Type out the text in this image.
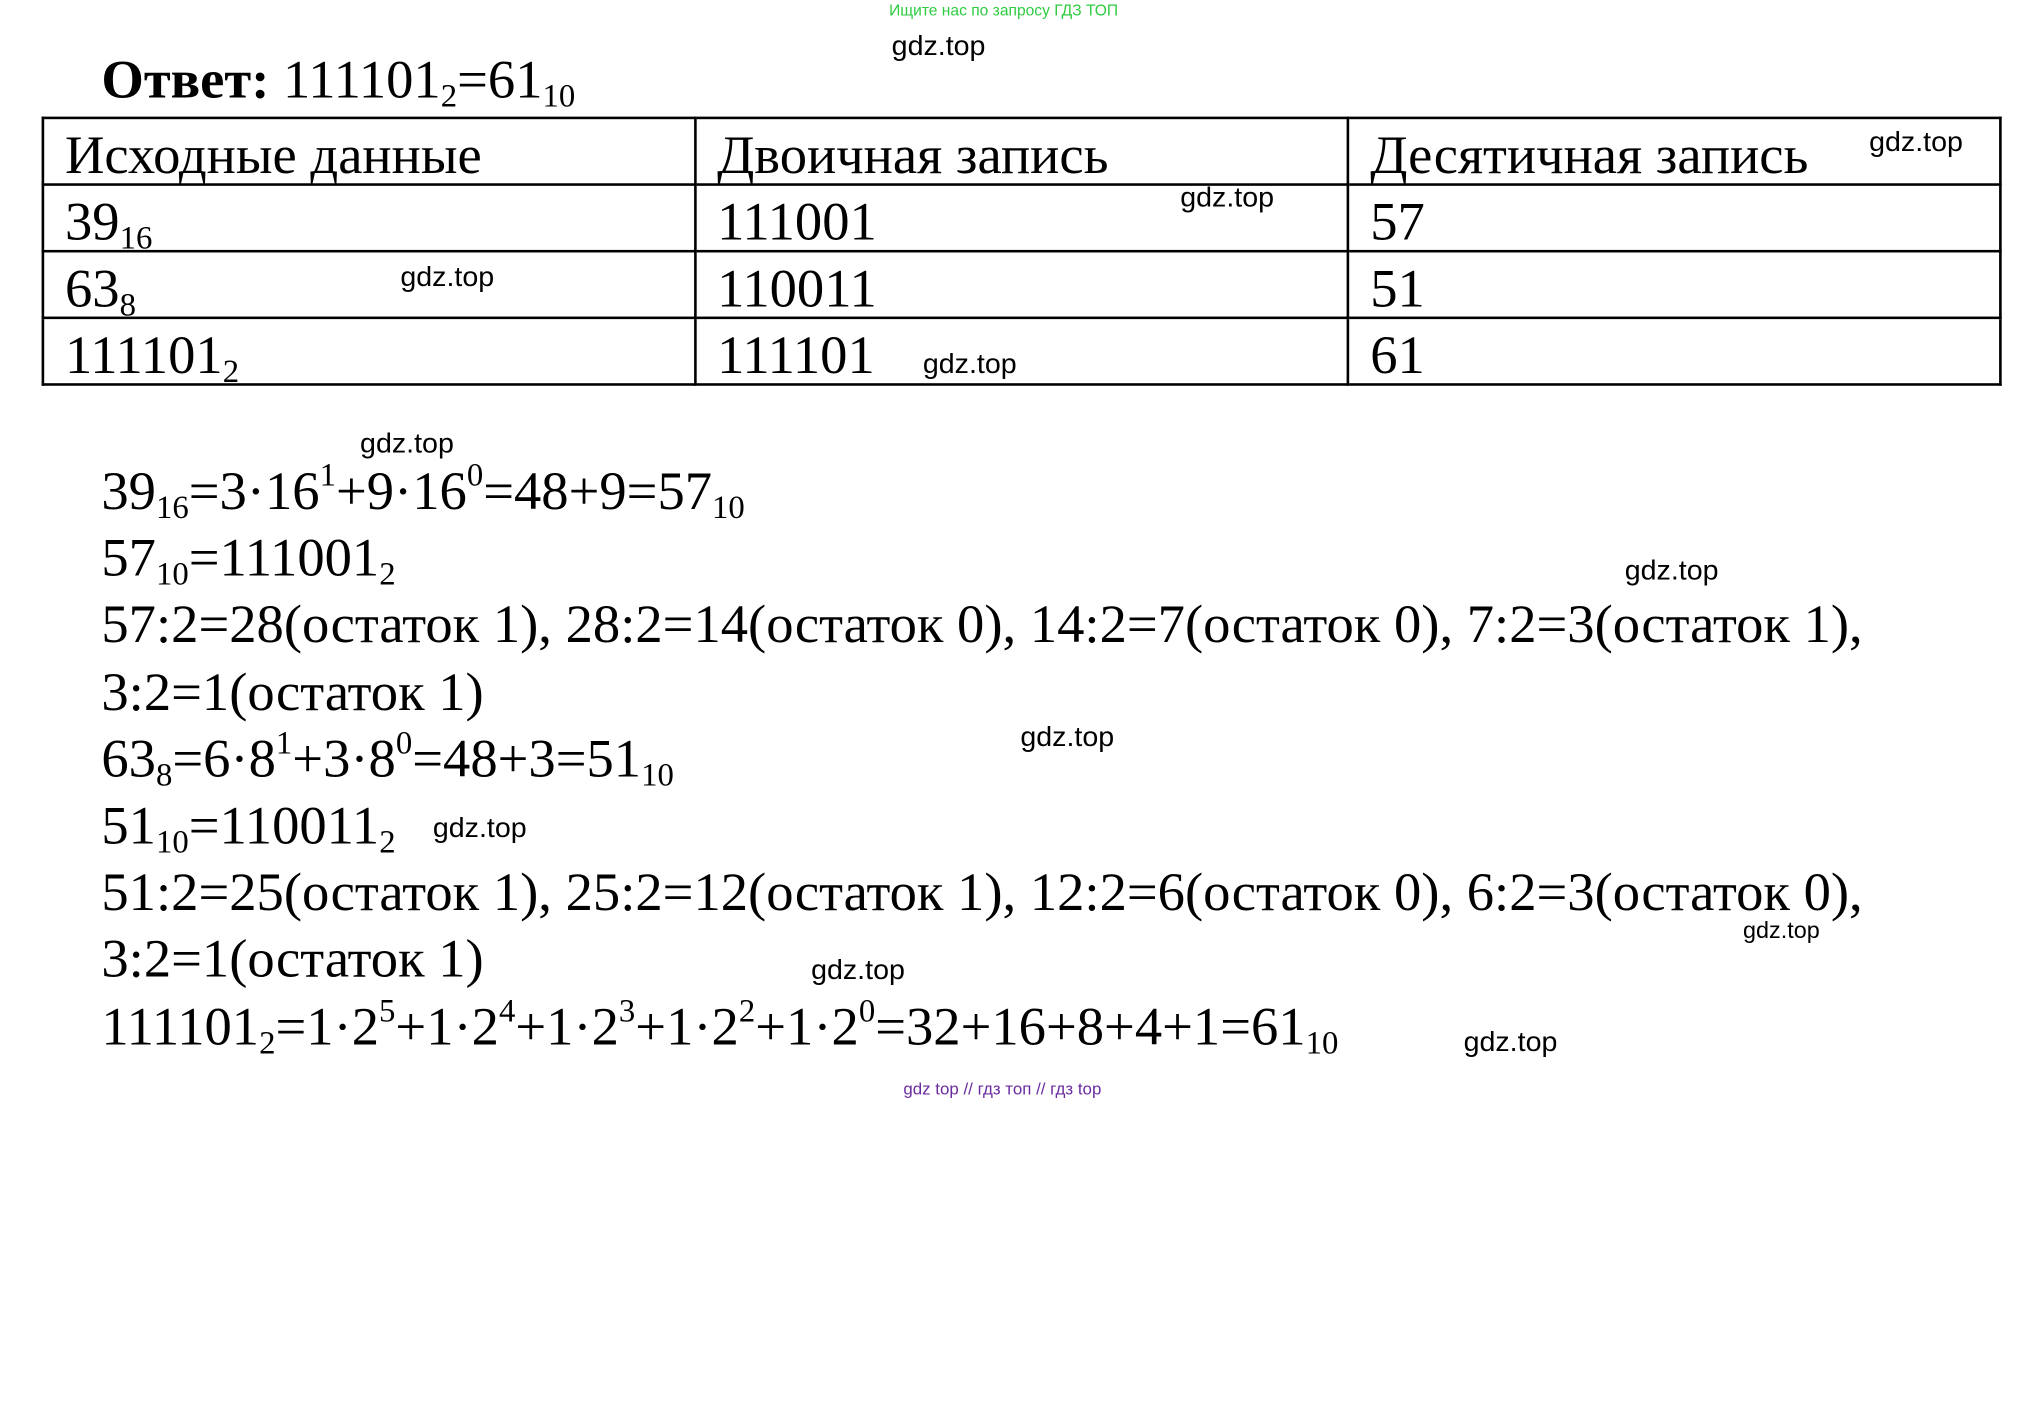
Ищите нас по запросу ГДЗ ТОП
gdz.top
Ответ: $111101_2=61_{10}$
Исходные данные	Двоичная запись	Десятичная запись
$39_{16}$	111001	57
$63_8$	110011	51
$111101_2$	111101	61
gdz.top
gdz.top
gdz.top
gdz.top
gdz.top
$39_{16}=3\cdot 16^1+9\cdot 16^0=48+9=57_{10}$
$57_{10}=111001_2$
57:2=28(остаток 1), 28:2=14(остаток 0), 14:2=7(остаток 0), 7:2=3(остаток 1),
3:2=1(остаток 1)
$63_8=6\cdot 8^1+3\cdot 8^0=48+3=51_{10}$
$51_{10}=110011_2$
51:2=25(остаток 1), 25:2=12(остаток 1), 12:2=6(остаток 0), 6:2=3(остаток 0),
3:2=1(остаток 1)
$111101_2=1\cdot 2^5+1\cdot 2^4+1\cdot 2^3+1\cdot 2^2+1\cdot 2^0=32+16+8+4+1=61_{10}$
gdz.top
gdz.top
gdz.top
gdz.top
gdz.top
gdz.top
gdz top // гдз топ // гдз top
